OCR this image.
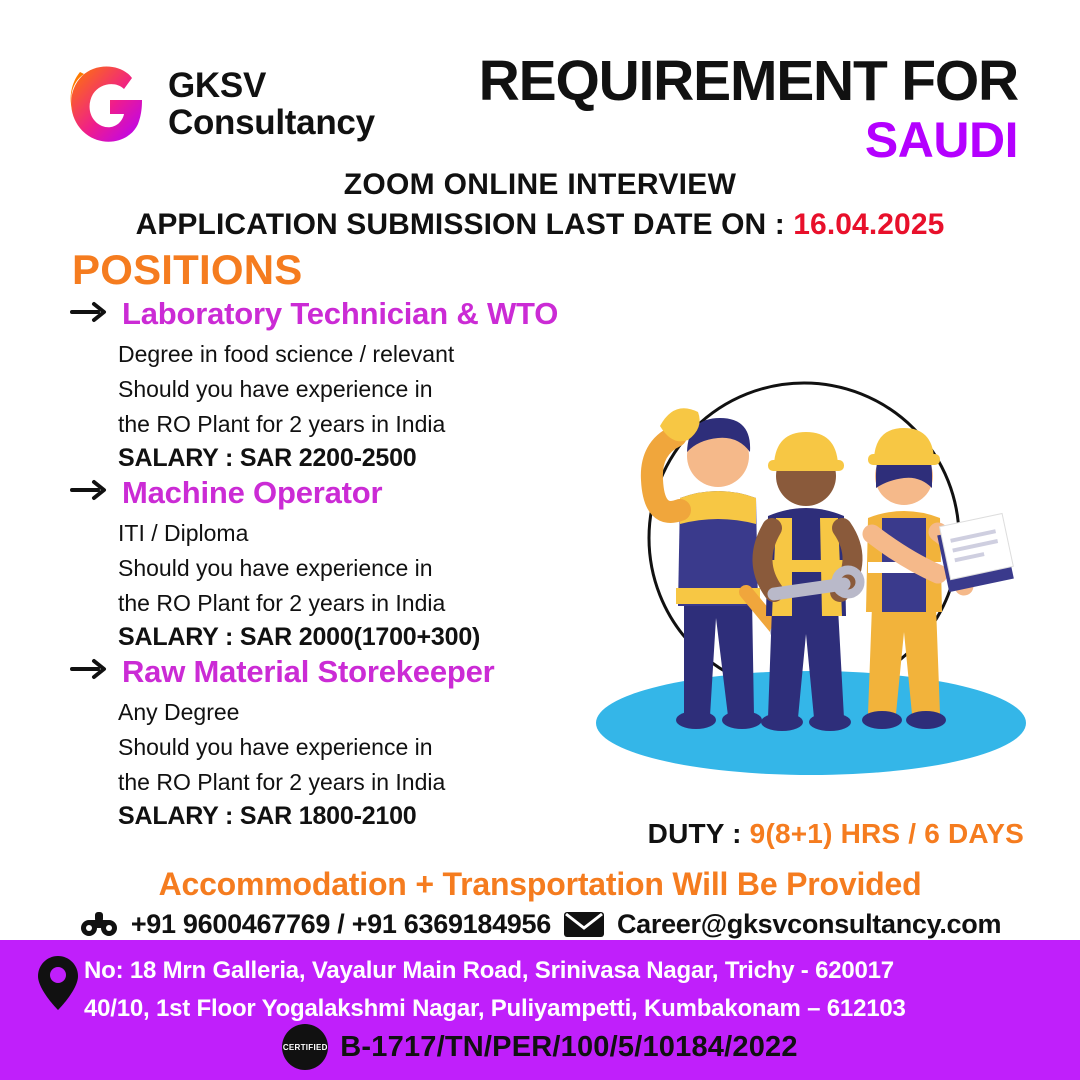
GKSV
Consultancy
REQUIREMENT FOR
SAUDI
ZOOM ONLINE INTERVIEW
APPLICATION SUBMISSION LAST DATE ON : 16.04.2025
POSITIONS
Laboratory Technician & WTO
Degree in food science / relevant
Should you have experience in
the RO Plant for 2 years in India
SALARY : SAR 2200-2500
Machine Operator
ITI / Diploma
Should you have experience in
the RO Plant for 2 years in India
SALARY : SAR 2000(1700+300)
Raw Material Storekeeper
Any Degree
Should you have experience in
the RO Plant for 2 years in India
SALARY : SAR 1800-2100
DUTY : 9(8+1) HRS / 6 DAYS
Accommodation + Transportation Will Be Provided
+91 9600467769 / +91 6369184956 Career@gksvconsultancy.com
No: 18 Mrn Galleria, Vayalur Main Road, Srinivasa Nagar, Trichy - 620017
40/10, 1st Floor Yogalakshmi Nagar, Puliyampetti, Kumbakonam – 612103
CERTIFIED B-1717/TN/PER/100/5/10184/2022
